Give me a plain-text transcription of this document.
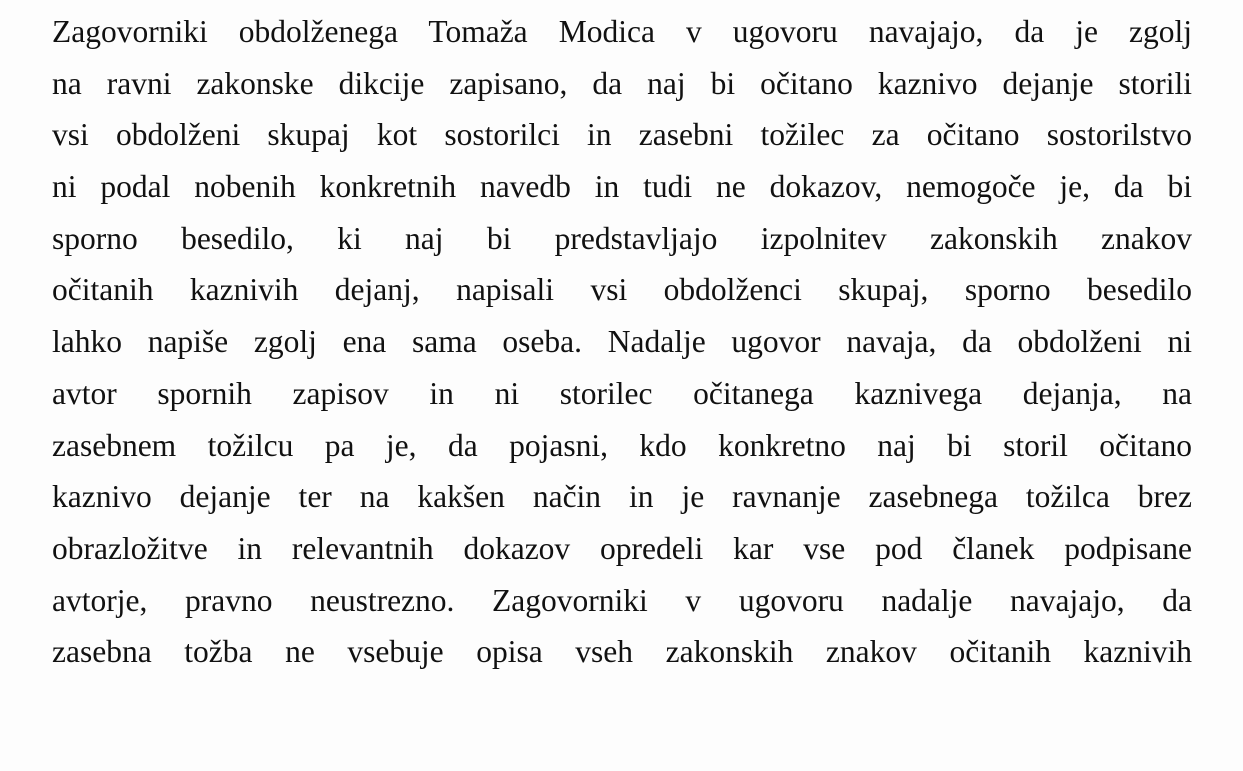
Zagovorniki obdolženega Tomaža Modica v ugovoru navajajo, da je zgolj
na ravni zakonske dikcije zapisano, da naj bi očitano kaznivo dejanje storili
vsi obdolženi skupaj kot sostorilci in zasebni tožilec za očitano sostorilstvo
ni podal nobenih konkretnih navedb in tudi ne dokazov, nemogoče je, da bi
sporno besedilo, ki naj bi predstavljajo izpolnitev zakonskih znakov
očitanih kaznivih dejanj, napisali vsi obdolženci skupaj, sporno besedilo
lahko napiše zgolj ena sama oseba. Nadalje ugovor navaja, da obdolženi ni
avtor spornih zapisov in ni storilec očitanega kaznivega dejanja, na
zasebnem tožilcu pa je, da pojasni, kdo konkretno naj bi storil očitano
kaznivo dejanje ter na kakšen način in je ravnanje zasebnega tožilca brez
obrazložitve in relevantnih dokazov opredeli kar vse pod članek podpisane
avtorje, pravno neustrezno. Zagovorniki v ugovoru nadalje navajajo, da
zasebna tožba ne vsebuje opisa vseh zakonskih znakov očitanih kaznivih
